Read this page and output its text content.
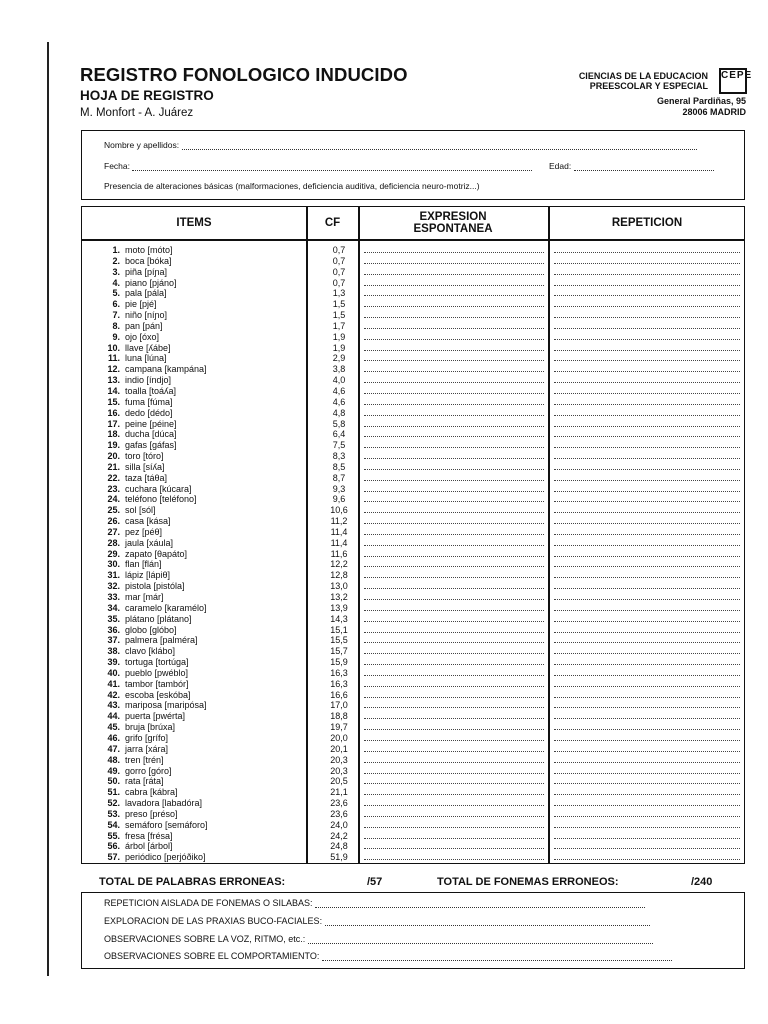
REGISTRO FONOLOGICO INDUCIDO
HOJA DE REGISTRO
M. Monfort - A. Juárez
CIENCIAS DE LA EDUCACION
PREESCOLAR Y ESPECIAL
CEPE
General Pardiñas, 95
28006 MADRID
Nombre y apellidos:
Fecha:	Edad:
Presencia de alteraciones básicas (malformaciones, deficiencia auditiva, deficiencia neuro-motriz...)
ITEMS	CF	EXPRESION ESPONTANEA	REPETICION
1. moto [móto]	0,7
2. boca [bóka]	0,7
3. piña [píɲa]	0,7
4. piano [pjáno]	0,7
5. pala [pála]	1,3
6. pie [pjé]	1,5
7. niño [níɲo]	1,5
8. pan [pán]	1,7
9. ojo [óxo]	1,9
10. llave [ʎábe]	1,9
11. luna [lúna]	2,9
12. campana [kampána]	3,8
13. indio [índjo]	4,0
14. toalla [toáʎa]	4,6
15. fuma [fúma]	4,6
16. dedo [dédo]	4,8
17. peine [péine]	5,8
18. ducha [dúca]	6,4
19. gafas [gáfas]	7,5
20. toro [tóro]	8,3
21. silla [síʎa]	8,5
22. taza [táθa]	8,7
23. cuchara [kúcara]	9,3
24. teléfono [teléfono]	9,6
25. sol [sól]	10,6
26. casa [kása]	11,2
27. pez [péθ]	11,4
28. jaula [xáula]	11,4
29. zapato [θapáto]	11,6
30. flan [flán]	12,2
31. lápiz [lápiθ]	12,8
32. pistola [pistóla]	13,0
33. mar [már]	13,2
34. caramelo [karamélo]	13,9
35. plátano [plátano]	14,3
36. globo [glóbo]	15,1
37. palmera [palméra]	15,5
38. clavo [klábo]	15,7
39. tortuga [tortúga]	15,9
40. pueblo [pwéblo]	16,3
41. tambor [tambór]	16,3
42. escoba [eskóba]	16,6
43. mariposa [maripósa]	17,0
44. puerta [pwérta]	18,8
45. bruja [brúxa]	19,7
46. grifo [grífo]	20,0
47. jarra [xára]	20,1
48. tren [trén]	20,3
49. gorro [góro]	20,3
50. rata [ráta]	20,5
51. cabra [kábra]	21,1
52. lavadora [labadóra]	23,6
53. preso [préso]	23,6
54. semáforo [semáforo]	24,0
55. fresa [frésa]	24,2
56. árbol [árbol]	24,8
57. periódico [perjóðiko]	51,9
TOTAL DE PALABRAS ERRONEAS:	/57	TOTAL DE FONEMAS ERRONEOS:	/240
REPETICION AISLADA DE FONEMAS O SILABAS:
EXPLORACION DE LAS PRAXIAS BUCO-FACIALES:
OBSERVACIONES SOBRE LA VOZ, RITMO, etc.:
OBSERVACIONES SOBRE EL COMPORTAMIENTO:
